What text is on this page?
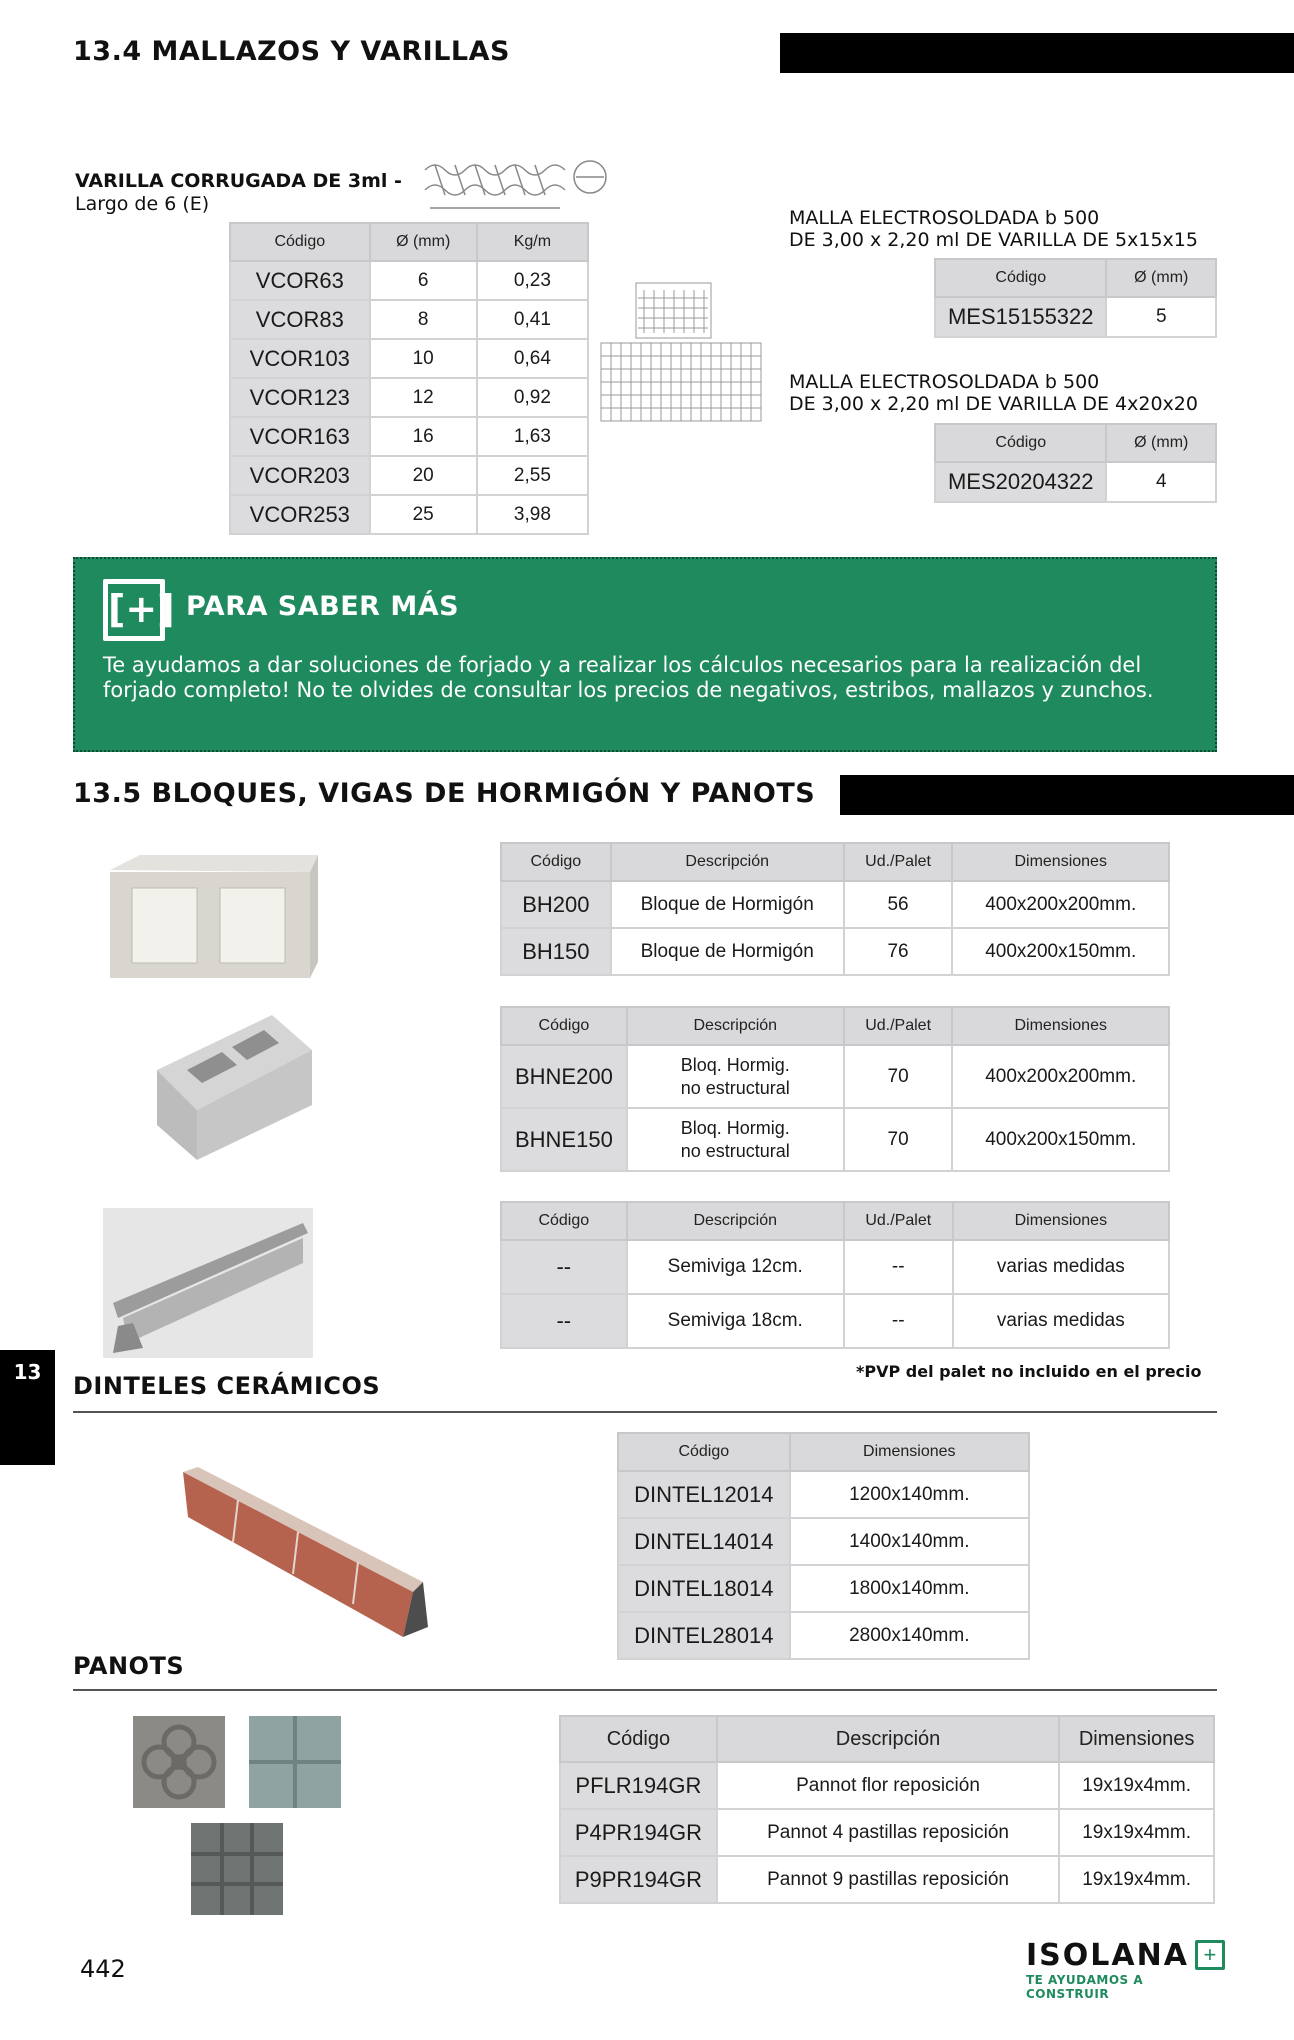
13.4 MALLAZOS Y VARILLAS
VARILLA CORRUGADA DE 3ml -
Largo de 6 (E)
Código	Ø (mm)	Kg/m
VCOR63	6	0,23
VCOR83	8	0,41
VCOR103	10	0,64
VCOR123	12	0,92
VCOR163	16	1,63
VCOR203	20	2,55
VCOR253	25	3,98
MALLA ELECTROSOLDADA b 500
DE 3,00 x 2,20 ml DE VARILLA DE 5x15x15
Código	Ø (mm)
MES15155322	5
MALLA ELECTROSOLDADA b 500
DE 3,00 x 2,20 ml DE VARILLA DE 4x20x20
Código	Ø (mm)
MES20204322	4
[+] PARA SABER MÁS
Te ayudamos a dar soluciones de forjado y a realizar los cálculos necesarios para la realización del forjado completo! No te olvides de consultar los precios de negativos, estribos, mallazos y zunchos.
13.5 BLOQUES, VIGAS DE HORMIGÓN Y PANOTS
Código	Descripción	Ud./Palet	Dimensiones
BH200	Bloque de Hormigón	56	400x200x200mm.
BH150	Bloque de Hormigón	76	400x200x150mm.
Código	Descripción	Ud./Palet	Dimensiones
BHNE200	Bloq. Hormig.
no estructural	70	400x200x200mm.
BHNE150	Bloq. Hormig.
no estructural	70	400x200x150mm.
Código	Descripción	Ud./Palet	Dimensiones
--	Semiviga 12cm.	--	varias medidas
--	Semiviga 18cm.	--	varias medidas
*PVP del palet no incluido en el precio
13	DINTELES CERÁMICOS
Código	Dimensiones
DINTEL12014	1200x140mm.
DINTEL14014	1400x140mm.
DINTEL18014	1800x140mm.
DINTEL28014	2800x140mm.
PANOTS
Código	Descripción	Dimensiones
PFLR194GR	Pannot flor reposición	19x19x4mm.
P4PR194GR	Pannot 4 pastillas reposición	19x19x4mm.
P9PR194GR	Pannot 9 pastillas reposición	19x19x4mm.
442	ISOLANA +
TE AYUDAMOS A CONSTRUIR
